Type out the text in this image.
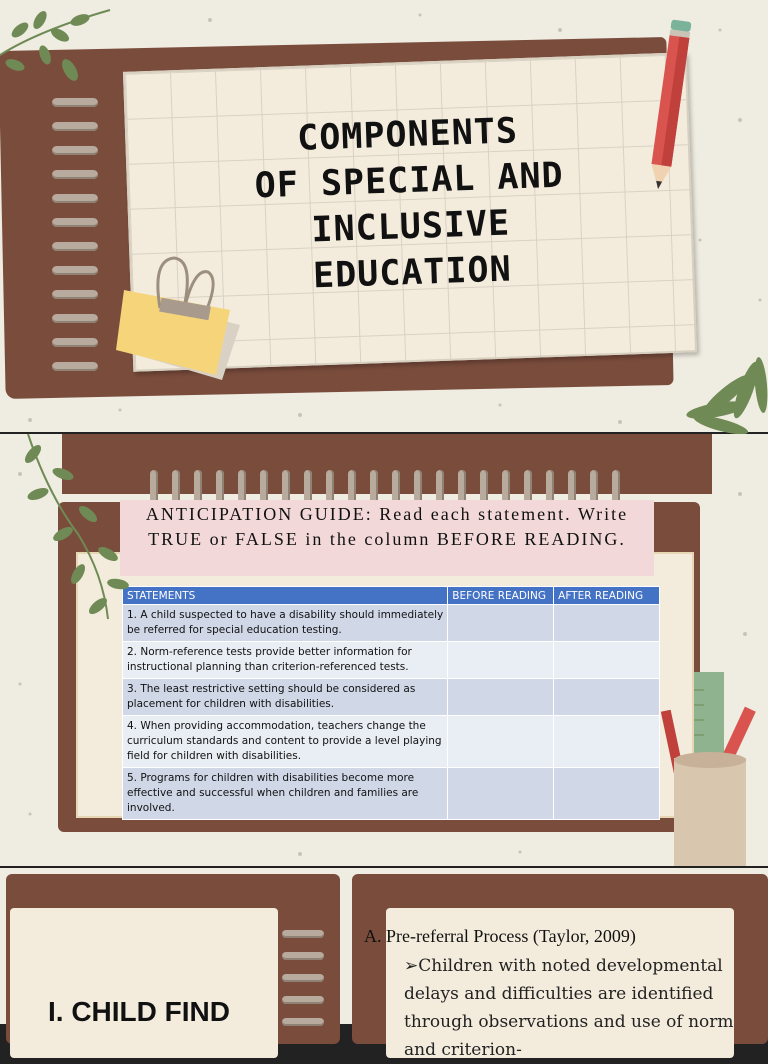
COMPONENTS
OF SPECIAL AND
INCLUSIVE
EDUCATION
ANTICIPATION GUIDE: Read each statement. Write TRUE or FALSE in the column BEFORE READING.
STATEMENTS	BEFORE READING	AFTER READING
1. A child suspected to have a disability should immediately be referred for special education testing.		
2. Norm-reference tests provide better information for instructional planning than criterion-referenced tests.		
3. The least restrictive setting should be considered as placement for children with disabilities.		
4. When providing accommodation, teachers change the curriculum standards and content to provide a level playing field for children with disabilities.		
5. Programs for children with disabilities become more effective and successful when children and families are involved.		
I. CHILD FIND
A. Pre-referral Process (Taylor, 2009)
➢Children with noted developmental delays and difficulties are identified through observations and use of norm and criterion-
